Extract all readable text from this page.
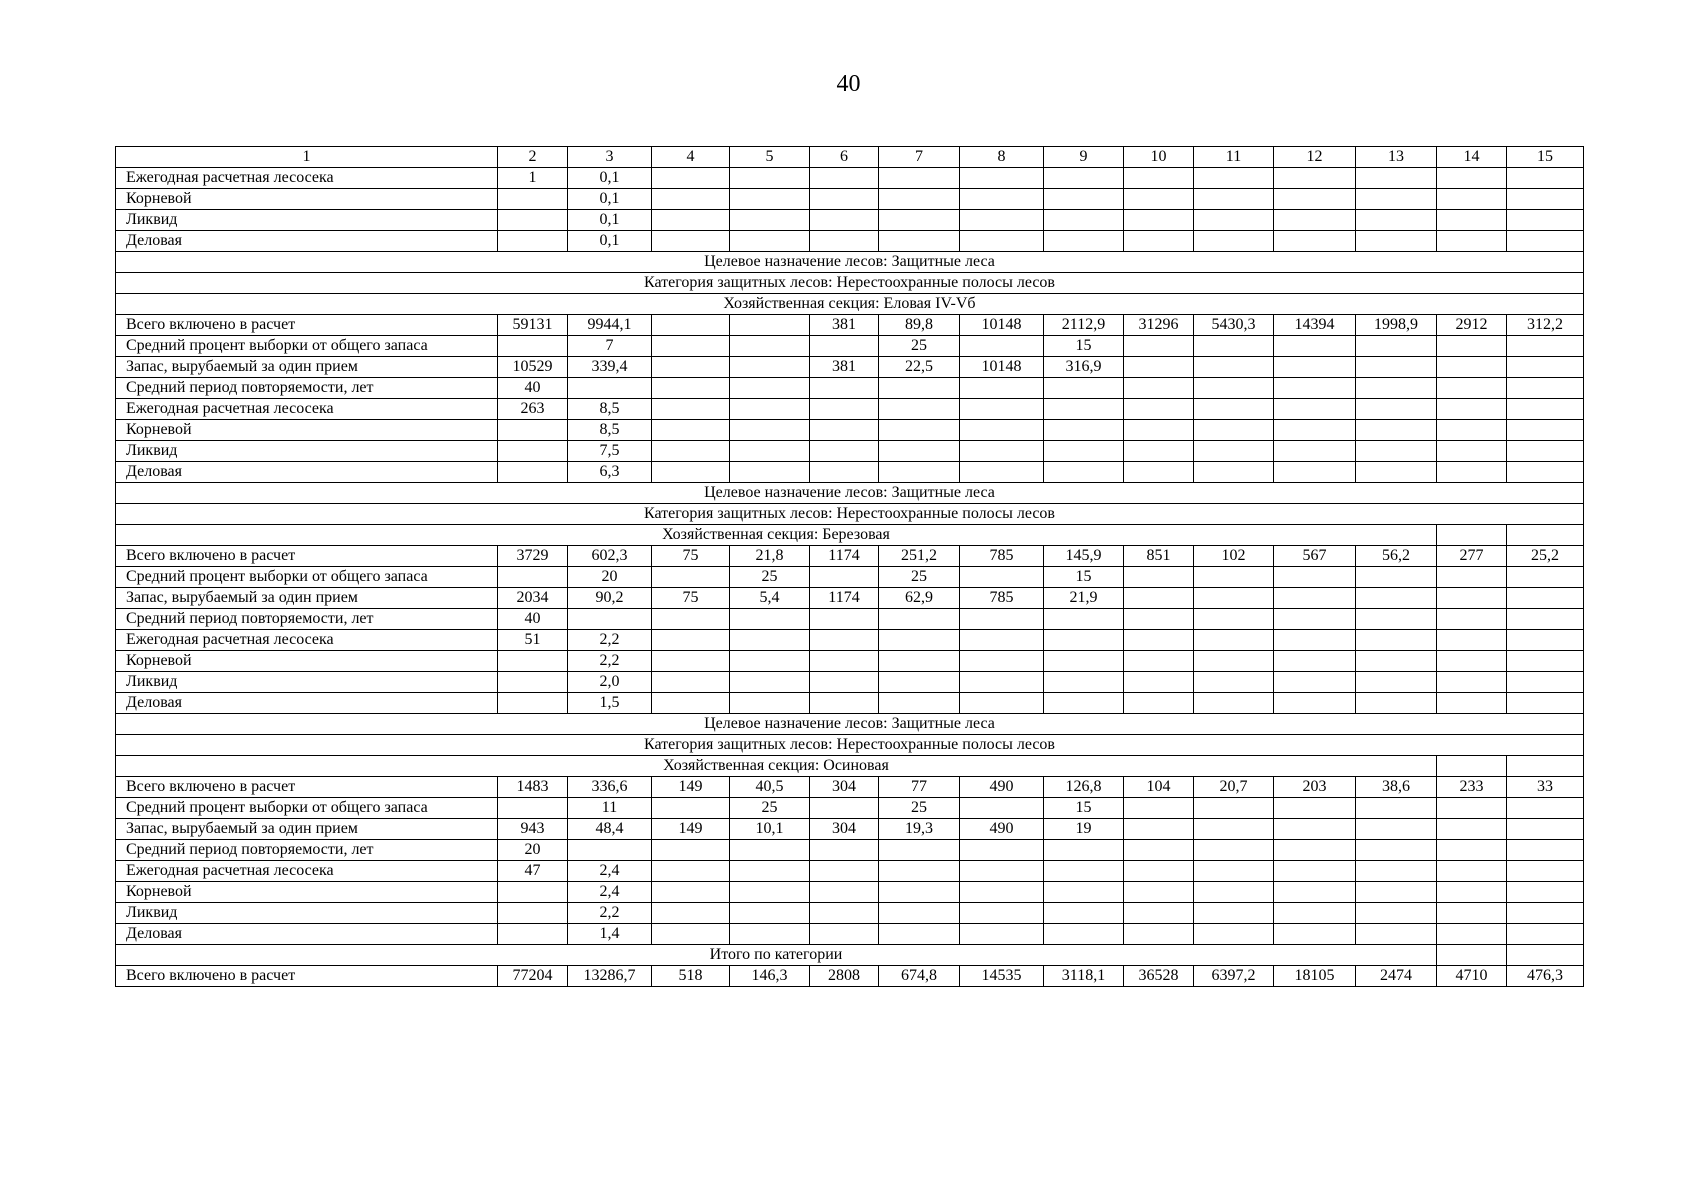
40
1	2	3	4	5	6	7	8	9	10	11	12	13	14	15
Ежегодная расчетная лесосека	1	0,1												
Корневой		0,1												
Ликвид		0,1												
Деловая		0,1												
Целевое назначение лесов: Защитные леса														
Категория защитных лесов: Нерестоохранные полосы лесов														
Хозяйственная секция: Еловая IV-Vб														
Всего включено в расчет	59131	9944,1			381	89,8	10148	2112,9	31296	5430,3	14394	1998,9	2912	312,2
Средний процент выборки от общего запаса		7				25		15						
Запас, вырубаемый за один прием	10529	339,4			381	22,5	10148	316,9						
Средний период повторяемости, лет	40													
Ежегодная расчетная лесосека	263	8,5												
Корневой		8,5												
Ликвид		7,5												
Деловая		6,3												
Целевое назначение лесов: Защитные леса														
Категория защитных лесов: Нерестоохранные полосы лесов														
Хозяйственная секция: Березовая														
Всего включено в расчет	3729	602,3	75	21,8	1174	251,2	785	145,9	851	102	567	56,2	277	25,2
Средний процент выборки от общего запаса		20		25		25		15						
Запас, вырубаемый за один прием	2034	90,2	75	5,4	1174	62,9	785	21,9						
Средний период повторяемости, лет	40													
Ежегодная расчетная лесосека	51	2,2												
Корневой		2,2												
Ликвид		2,0												
Деловая		1,5												
Целевое назначение лесов: Защитные леса														
Категория защитных лесов: Нерестоохранные полосы лесов														
Хозяйственная секция: Осиновая														
Всего включено в расчет	1483	336,6	149	40,5	304	77	490	126,8	104	20,7	203	38,6	233	33
Средний процент выборки от общего запаса		11		25		25		15						
Запас, вырубаемый за один прием	943	48,4	149	10,1	304	19,3	490	19						
Средний период повторяемости, лет	20													
Ежегодная расчетная лесосека	47	2,4												
Корневой		2,4												
Ликвид		2,2												
Деловая		1,4												
Итого по категории														
Всего включено в расчет	77204	13286,7	518	146,3	2808	674,8	14535	3118,1	36528	6397,2	18105	2474	4710	476,3
